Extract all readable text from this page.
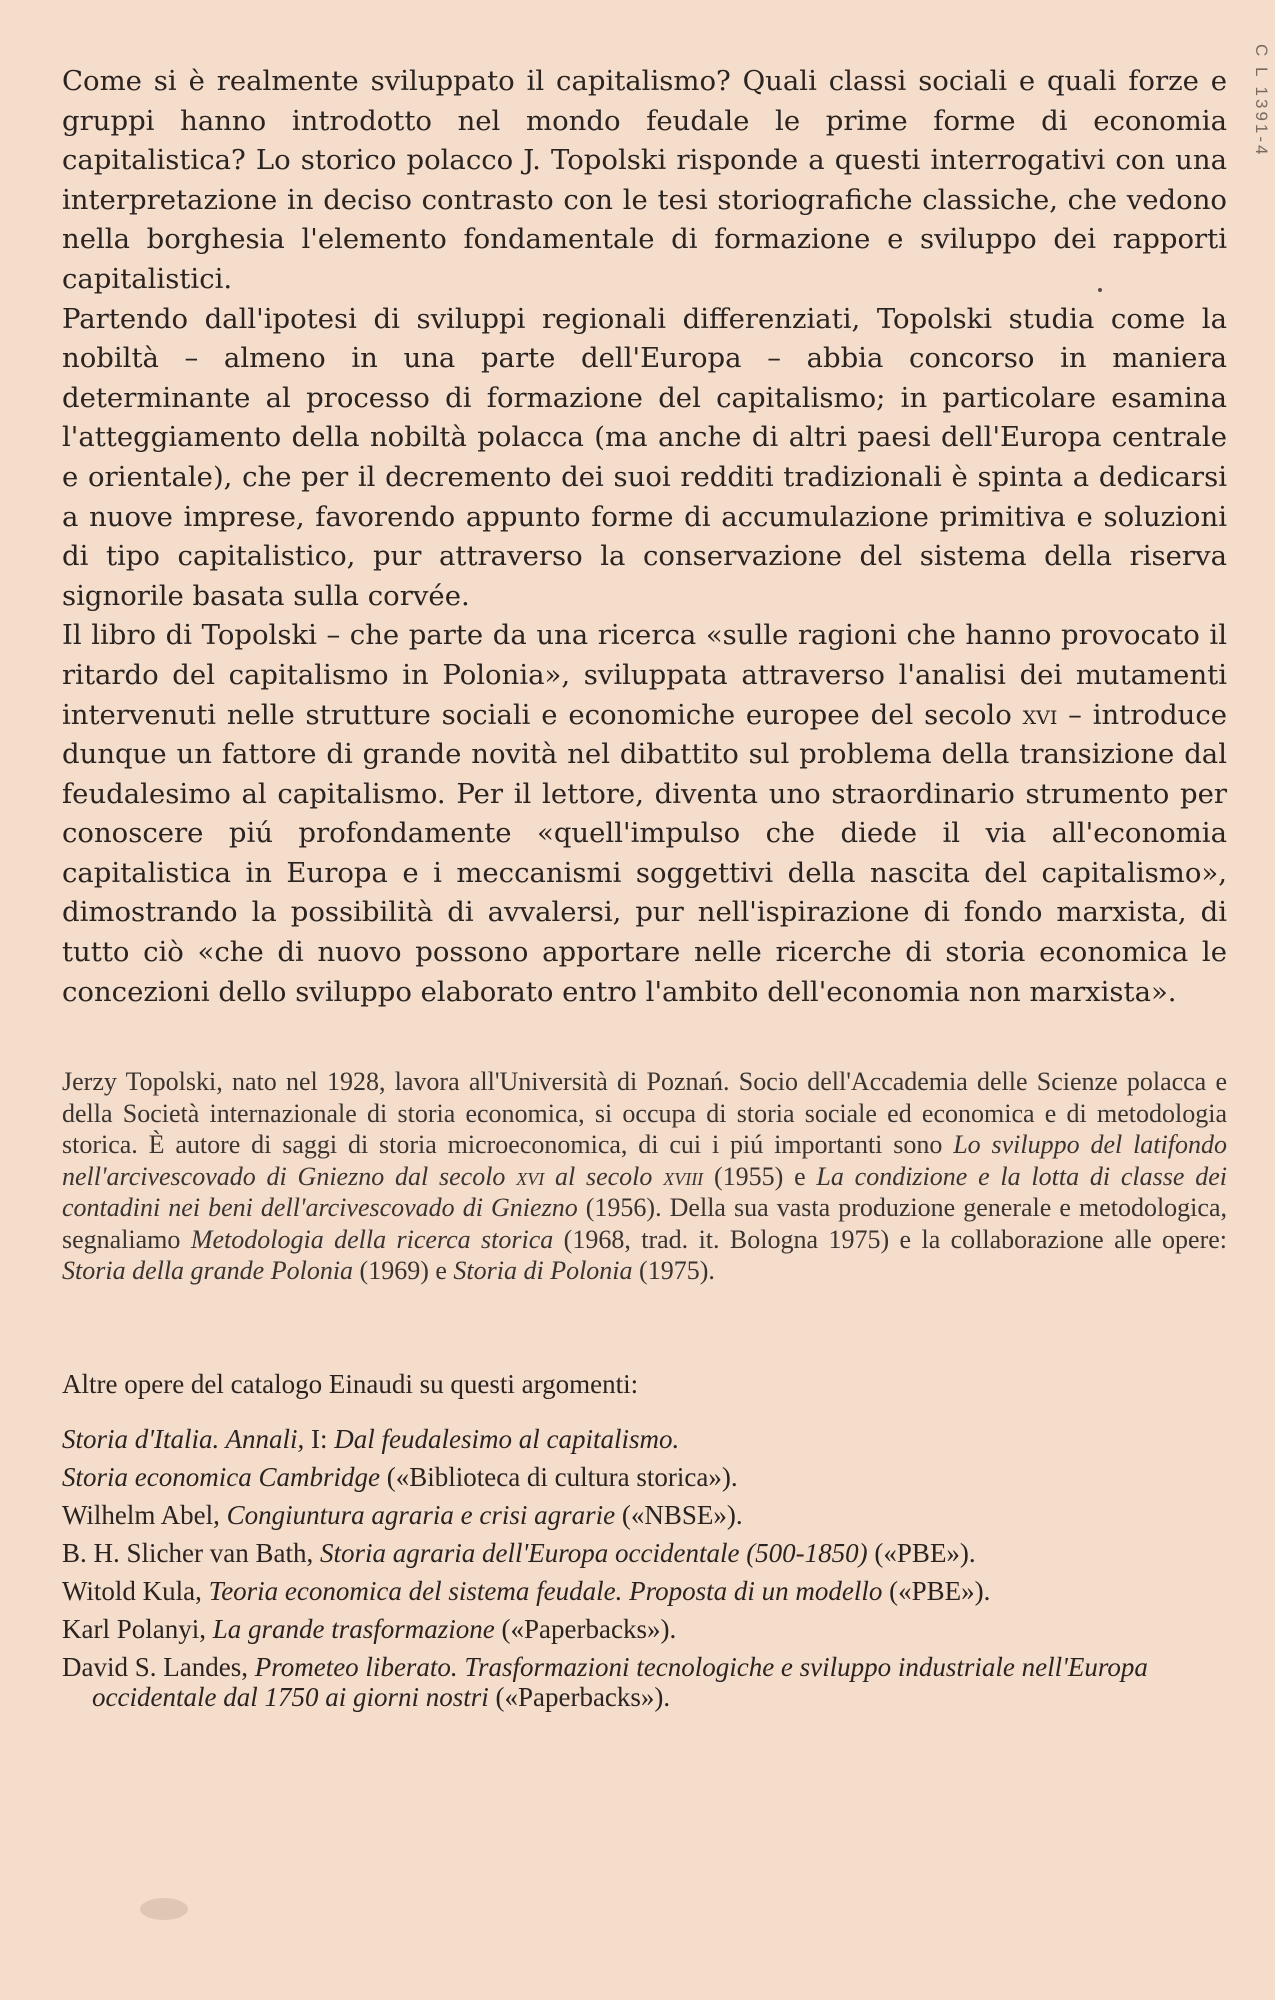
C L 1391-4

Come si è realmente sviluppato il capitalismo? Quali classi sociali e quali forze e gruppi hanno introdotto nel mondo feudale le prime forme di economia capitalistica? Lo storico polacco J. Topolski risponde a questi interrogativi con una interpretazione in deciso contrasto con le tesi storiografiche classiche, che vedono nella borghesia l'elemento fondamentale di formazione e sviluppo dei rapporti capitalistici.

Partendo dall'ipotesi di sviluppi regionali differenziati, Topolski studia come la nobiltà – almeno in una parte dell'Europa – abbia concorso in maniera determinante al processo di formazione del capitalismo; in particolare esamina l'atteggiamento della nobiltà polacca (ma anche di altri paesi dell'Europa centrale e orientale), che per il decremento dei suoi redditi tradizionali è spinta a dedicarsi a nuove imprese, favorendo appunto forme di accumulazione primitiva e soluzioni di tipo capitalistico, pur attraverso la conservazione del sistema della riserva signorile basata sulla corvée.

Il libro di Topolski – che parte da una ricerca «sulle ragioni che hanno provocato il ritardo del capitalismo in Polonia», sviluppata attraverso l'analisi dei mutamenti intervenuti nelle strutture sociali e economiche europee del secolo xvi – introduce dunque un fattore di grande novità nel dibattito sul problema della transizione dal feudalesimo al capitalismo. Per il lettore, diventa uno straordinario strumento per conoscere piú profondamente «quell'impulso che diede il via all'economia capitalistica in Europa e i meccanismi soggettivi della nascita del capitalismo», dimostrando la possibilità di avvalersi, pur nell'ispirazione di fondo marxista, di tutto ciò «che di nuovo possono apportare nelle ricerche di storia economica le concezioni dello sviluppo elaborato entro l'ambito dell'economia non marxista».

Jerzy Topolski, nato nel 1928, lavora all'Università di Poznań. Socio dell'Accademia delle Scienze polacca e della Società internazionale di storia economica, si occupa di storia sociale ed economica e di metodologia storica. È autore di saggi di storia microeconomica, di cui i piú importanti sono Lo sviluppo del latifondo nell'arcivescovado di Gniezno dal secolo xvi al secolo xviii (1955) e La condizione e la lotta di classe dei contadini nei beni dell'arcivescovado di Gniezno (1956). Della sua vasta produzione generale e metodologica, segnaliamo Metodologia della ricerca storica (1968, trad. it. Bologna 1975) e la collaborazione alle opere: Storia della grande Polonia (1969) e Storia di Polonia (1975).

Altre opere del catalogo Einaudi su questi argomenti:

Storia d'Italia. Annali, I: Dal feudalesimo al capitalismo.
Storia economica Cambridge («Biblioteca di cultura storica»).
Wilhelm Abel, Congiuntura agraria e crisi agrarie («NBSE»).
B. H. Slicher van Bath, Storia agraria dell'Europa occidentale (500-1850) («PBE»).
Witold Kula, Teoria economica del sistema feudale. Proposta di un modello («PBE»).
Karl Polanyi, La grande trasformazione («Paperbacks»).
David S. Landes, Prometeo liberato. Trasformazioni tecnologiche e sviluppo industriale nell'Europa occidentale dal 1750 ai giorni nostri («Paperbacks»).
